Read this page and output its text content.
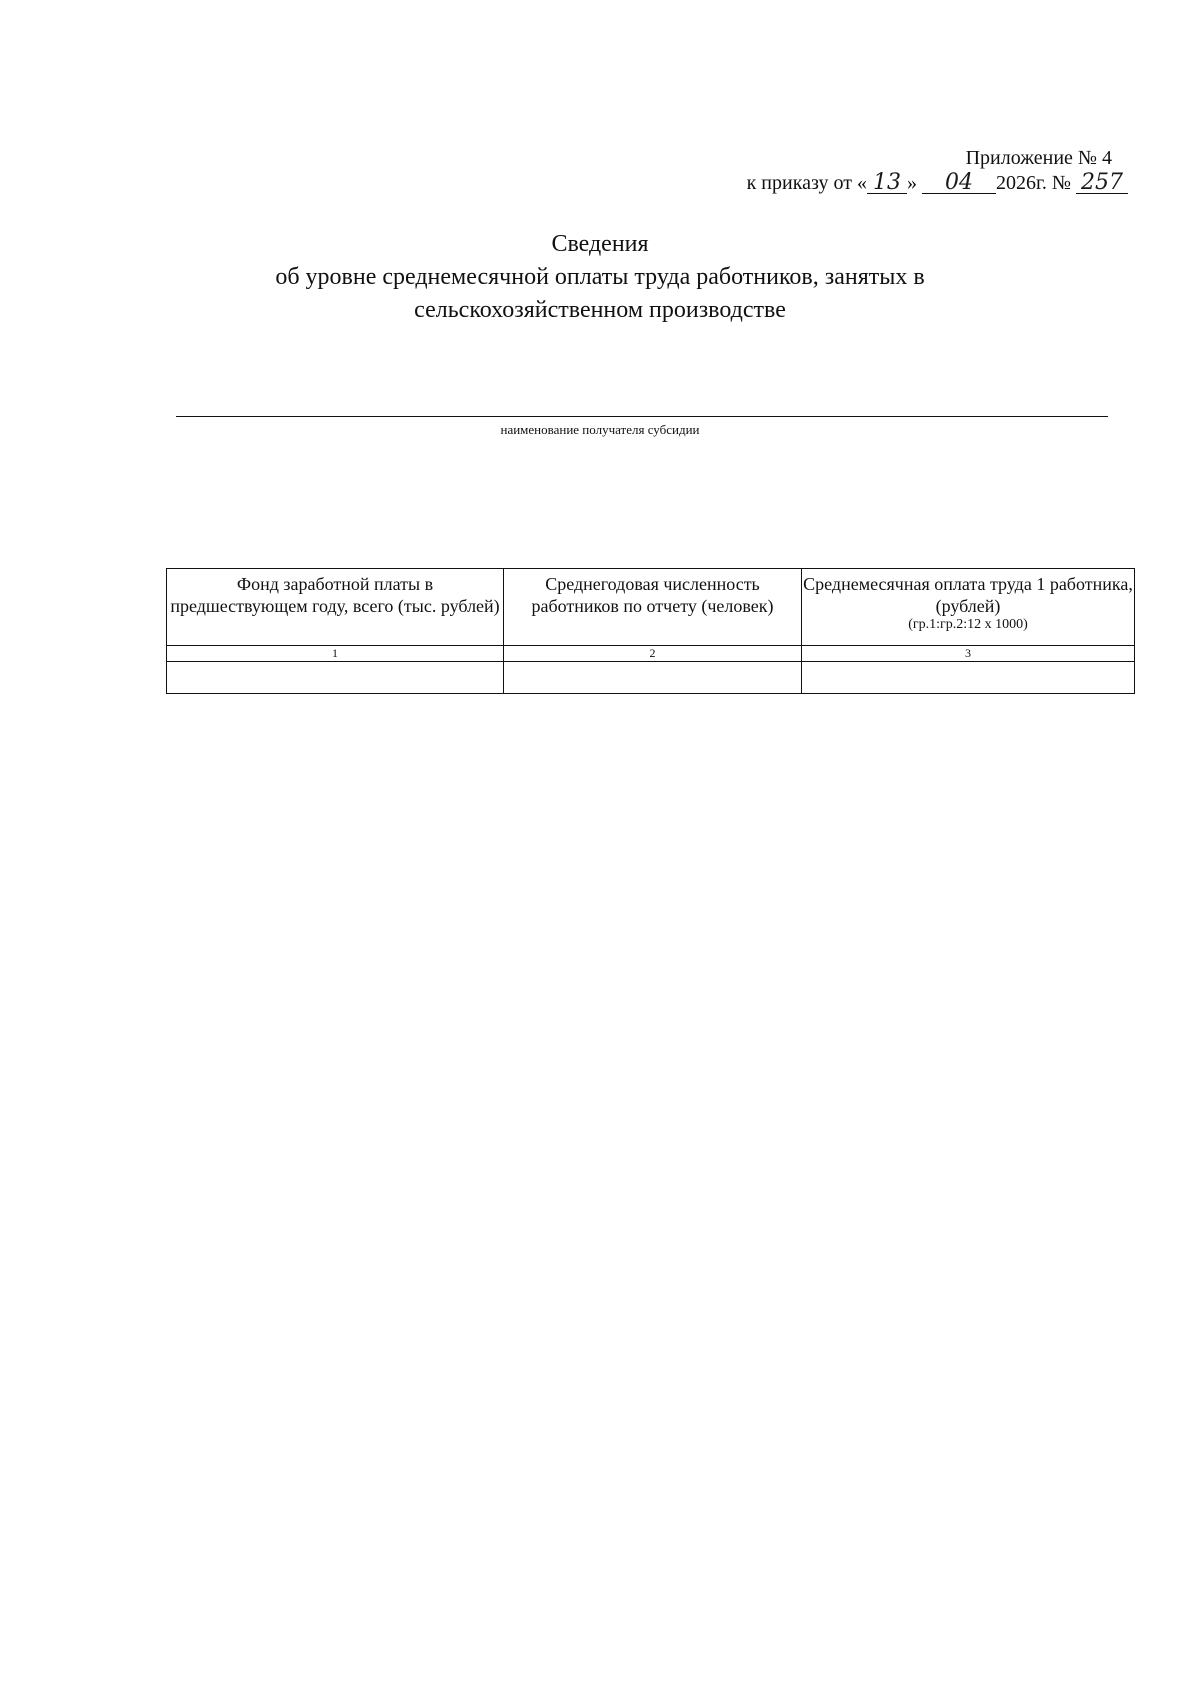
Приложение № 4
к приказу от « 13 » 04 2026г. № 257
Сведения
об уровне среднемесячной оплаты труда работников, занятых в
сельскохозяйственном производстве
наименование получателя субсидии
Фонд заработной платы в предшествующем году, всего (тыс. рублей)	Среднегодовая численность работников по отчету (человек)	Среднемесячная оплата труда 1 работника, (рублей)
(гр.1:гр.2:12 х 1000)

1	2	3
